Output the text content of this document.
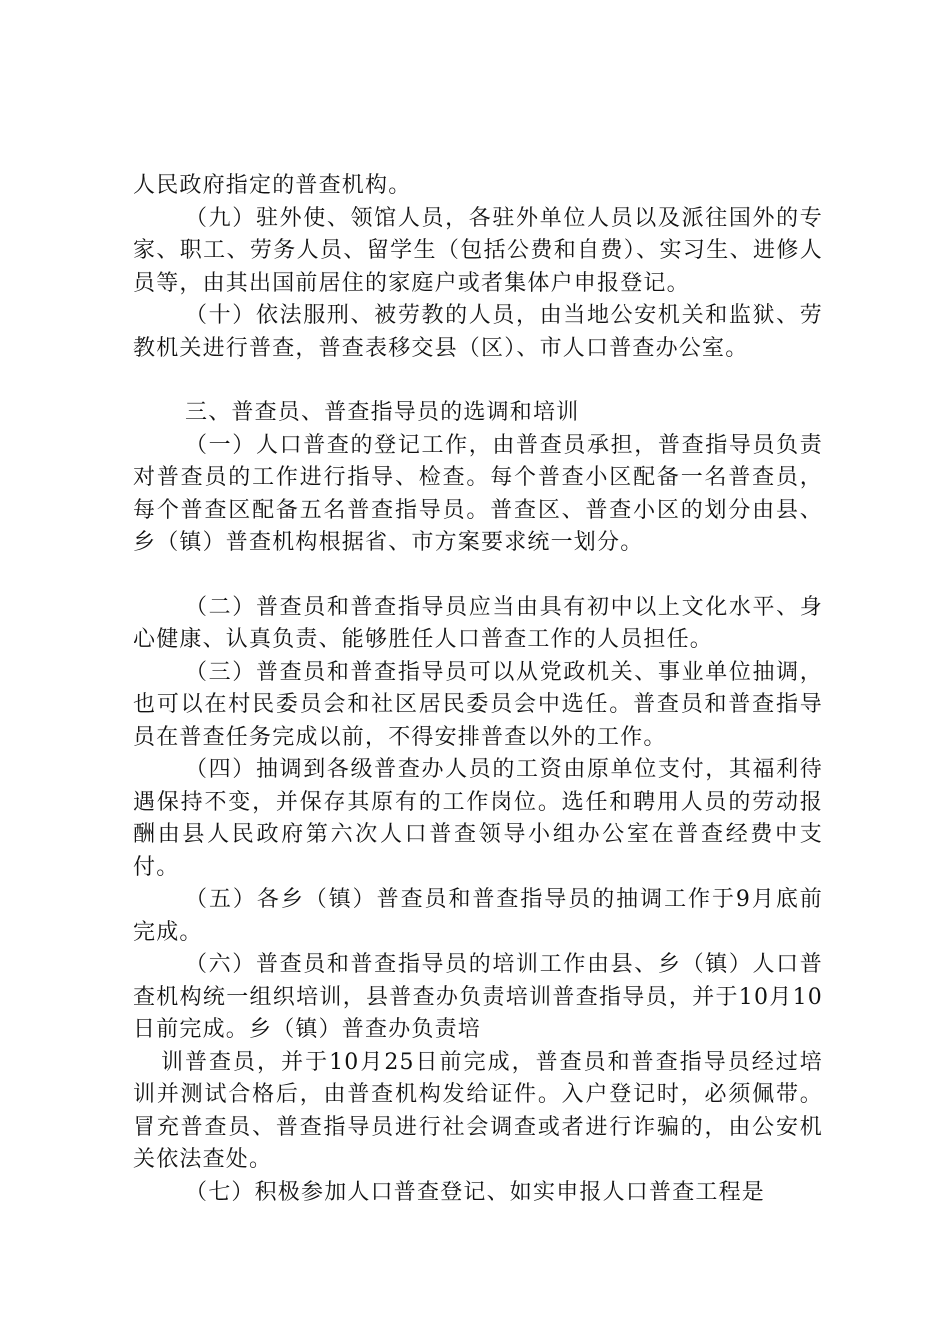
人民政府指定的普查机构。

（九）驻外使、领馆人员，各驻外单位人员以及派往国外的专家、职工、劳务人员、留学生（包括公费和自费）、实习生、进修人员等，由其出国前居住的家庭户或者集体户申报登记。

（十）依法服刑、被劳教的人员，由当地公安机关和监狱、劳教机关进行普查，普查表移交县（区）、市人口普查办公室。

三、普查员、普查指导员的选调和培训

（一）人口普查的登记工作，由普查员承担，普查指导员负责对普查员的工作进行指导、检查。每个普查小区配备一名普查员，每个普查区配备五名普查指导员。普查区、普查小区的划分由县、乡（镇）普查机构根据省、市方案要求统一划分。

（二）普查员和普查指导员应当由具有初中以上文化水平、身心健康、认真负责、能够胜任人口普查工作的人员担任。

（三）普查员和普查指导员可以从党政机关、事业单位抽调，也可以在村民委员会和社区居民委员会中选任。普查员和普查指导员在普查任务完成以前，不得安排普查以外的工作。

（四）抽调到各级普查办人员的工资由原单位支付，其福利待遇保持不变，并保存其原有的工作岗位。选任和聘用人员的劳动报酬由县人民政府第六次人口普查领导小组办公室在普查经费中支付。

（五）各乡（镇）普查员和普查指导员的抽调工作于9月底前完成。

（六）普查员和普查指导员的培训工作由县、乡（镇）人口普查机构统一组织培训，县普查办负责培训普查指导员，并于10月10日前完成。乡（镇）普查办负责培

训普查员，并于10月25日前完成，普查员和普查指导员经过培训并测试合格后，由普查机构发给证件。入户登记时，必须佩带。冒充普查员、普查指导员进行社会调查或者进行诈骗的，由公安机关依法查处。

（七）积极参加人口普查登记、如实申报人口普查工程是
